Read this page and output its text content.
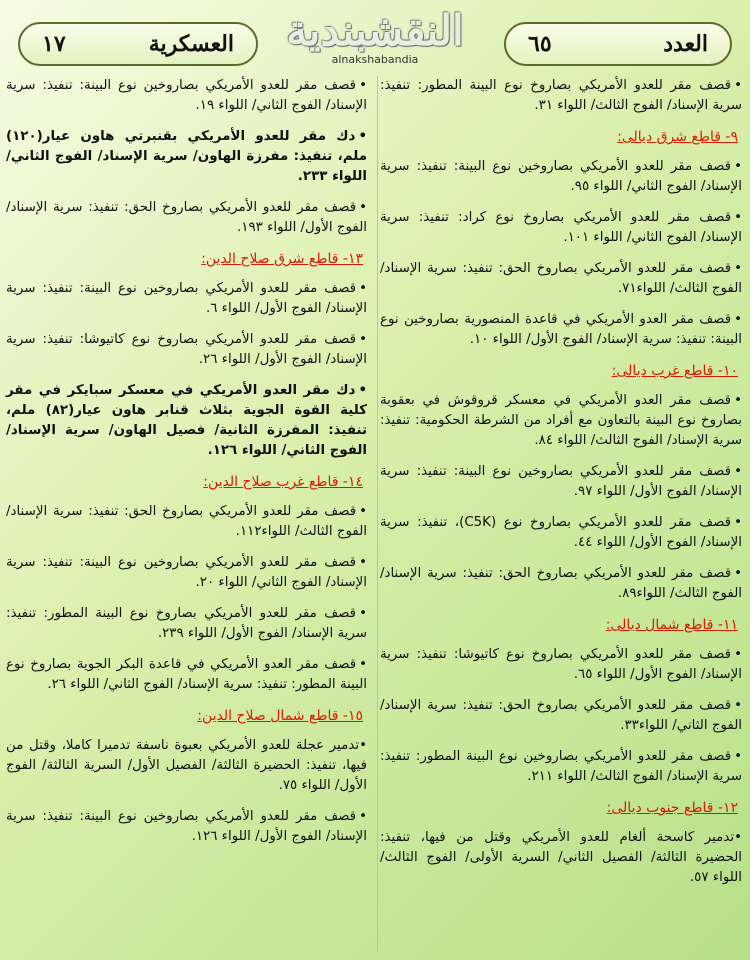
العسكرية
١٧	النقشبندية
alnakshabandia
العدد
٦٥
•قصف مقر للعدو الأمريكي بصاروخ نوع البينة المطور: تنفيذ: سرية الإسناد/ الفوج الثالث/ اللواء ٣١.
٩- قاطع شرق ديالى:
•قصف مقر للعدو الأمريكي بصاروخين نوع البينة: تنفيذ: سرية الإسناد/ الفوج الثاني/ اللواء ٩٥.
•قصف مقر للعدو الأمريكي بصاروخ نوع كراد: تنفيذ: سرية الإسناد/ الفوج الثاني/ اللواء ١٠١.
•قصف مقر للعدو الأمريكي بصاروخ الحق: تنفيذ: سرية الإسناد/ الفوج الثالث/ اللواء٧١.
•قصف مقر العدو الأمريكي في قاعدة المنصورية بصاروخين نوع البينة: تنفيذ: سرية الإسناد/ الفوج الأول/ اللواء ١٠.
١٠- قاطع غرب ديالى:
•قصف مقر العدو الأمريكي في معسكر قروقوش في بعقوبة بصاروخ نوع البينة بالتعاون مع أفراد من الشرطة الحكومية: تنفيذ: سرية الإسناد/ الفوج الثالث/ اللواء ٨٤.
•قصف مقر للعدو الأمريكي بصاروخين نوع البينة: تنفيذ: سرية الإسناد/ الفوج الأول/ اللواء ٩٧.
•قصف مقر للعدو الأمريكي بصاروخ نوع (C5K)، تنفيذ: سرية الإسناد/ الفوج الأول/ اللواء ٤٤.
•قصف مقر للعدو الأمريكي بصاروخ الحق: تنفيذ: سرية الإسناد/ الفوج الثالث/ اللواء٨٩.
١١- قاطع شمال ديالى:
•قصف مقر للعدو الأمريكي بصاروخ نوع كاتيوشا: تنفيذ: سرية الإسناد/ الفوج الأول/ اللواء ٦٥.
•قصف مقر للعدو الأمريكي بصاروخ الحق: تنفيذ: سرية الإسناد/ الفوج الثاني/ اللواء٣٣.
•قصف مقر للعدو الأمريكي بصاروخين نوع البينة المطور: تنفيذ: سرية الإسناد/ الفوج الثالث/ اللواء ٢١١.
١٢- قاطع جنوب ديالى:
•تدمير كاسحة ألغام للعدو الأمريكي وقتل من فيها، تنفيذ: الحضيرة الثالثة/ الفصيل الثاني/ السرية الأولى/ الفوج الثالث/ اللواء ٥٧.
•قصف مقر للعدو الأمريكي بصاروخين نوع البينة: تنفيذ: سرية الإسناد/ الفوج الثاني/ اللواء ١٩.
•دك مقر للعدو الأمريكي بقنبرتي هاون عيار(١٢٠) ملم، تنفيذ: مفرزة الهاون/ سرية الإسناد/ الفوج الثاني/ اللواء ٢٣٣.
•قصف مقر للعدو الأمريكي بصاروخ الحق: تنفيذ: سرية الإسناد/ الفوج الأول/ اللواء ١٩٣.
١٣- قاطع شرق صلاح الدين:
•قصف مقر للعدو الأمريكي بصاروخين نوع البينة: تنفيذ: سرية الإسناد/ الفوج الأول/ اللواء ٦.
•قصف مقر للعدو الأمريكي بصاروخ نوع كاتيوشا: تنفيذ: سرية الإسناد/ الفوج الأول/ اللواء ٢٦.
•دك مقر العدو الأمريكي في معسكر سبايكر في مقر كلية القوة الجوية بثلاث قنابر هاون عيار(٨٢) ملم، تنفيذ: المفرزة الثانية/ فصيل الهاون/ سرية الإسناد/ الفوج الثاني/ اللواء ١٢٦.
١٤- قاطع غرب صلاح الدين:
•قصف مقر للعدو الأمريكي بصاروخ الحق: تنفيذ: سرية الإسناد/ الفوج الثالث/ اللواء١١٢.
•قصف مقر للعدو الأمريكي بصاروخين نوع البينة: تنفيذ: سرية الإسناد/ الفوج الثاني/ اللواء ٢٠.
•قصف مقر للعدو الأمريكي بصاروخ نوع البينة المطور: تنفيذ: سرية الإسناد/ الفوج الأول/ اللواء ٢٣٩.
•قصف مقر العدو الأمريكي في قاعدة البكر الجوية بصاروخ نوع البينة المطور: تنفيذ: سرية الإسناد/ الفوج الثاني/ اللواء ٢٦.
١٥- قاطع شمال صلاح الدين:
•تدمير عجلة للعدو الأمريكي بعبوة ناسفة تدميرا كاملا، وقتل من فيها، تنفيذ: الحضيرة الثالثة/ الفصيل الأول/ السرية الثالثة/ الفوج الأول/ اللواء ٧٥.
•قصف مقر للعدو الأمريكي بصاروخين نوع البينة: تنفيذ: سرية الإسناد/ الفوج الأول/ اللواء ١٢٦.
